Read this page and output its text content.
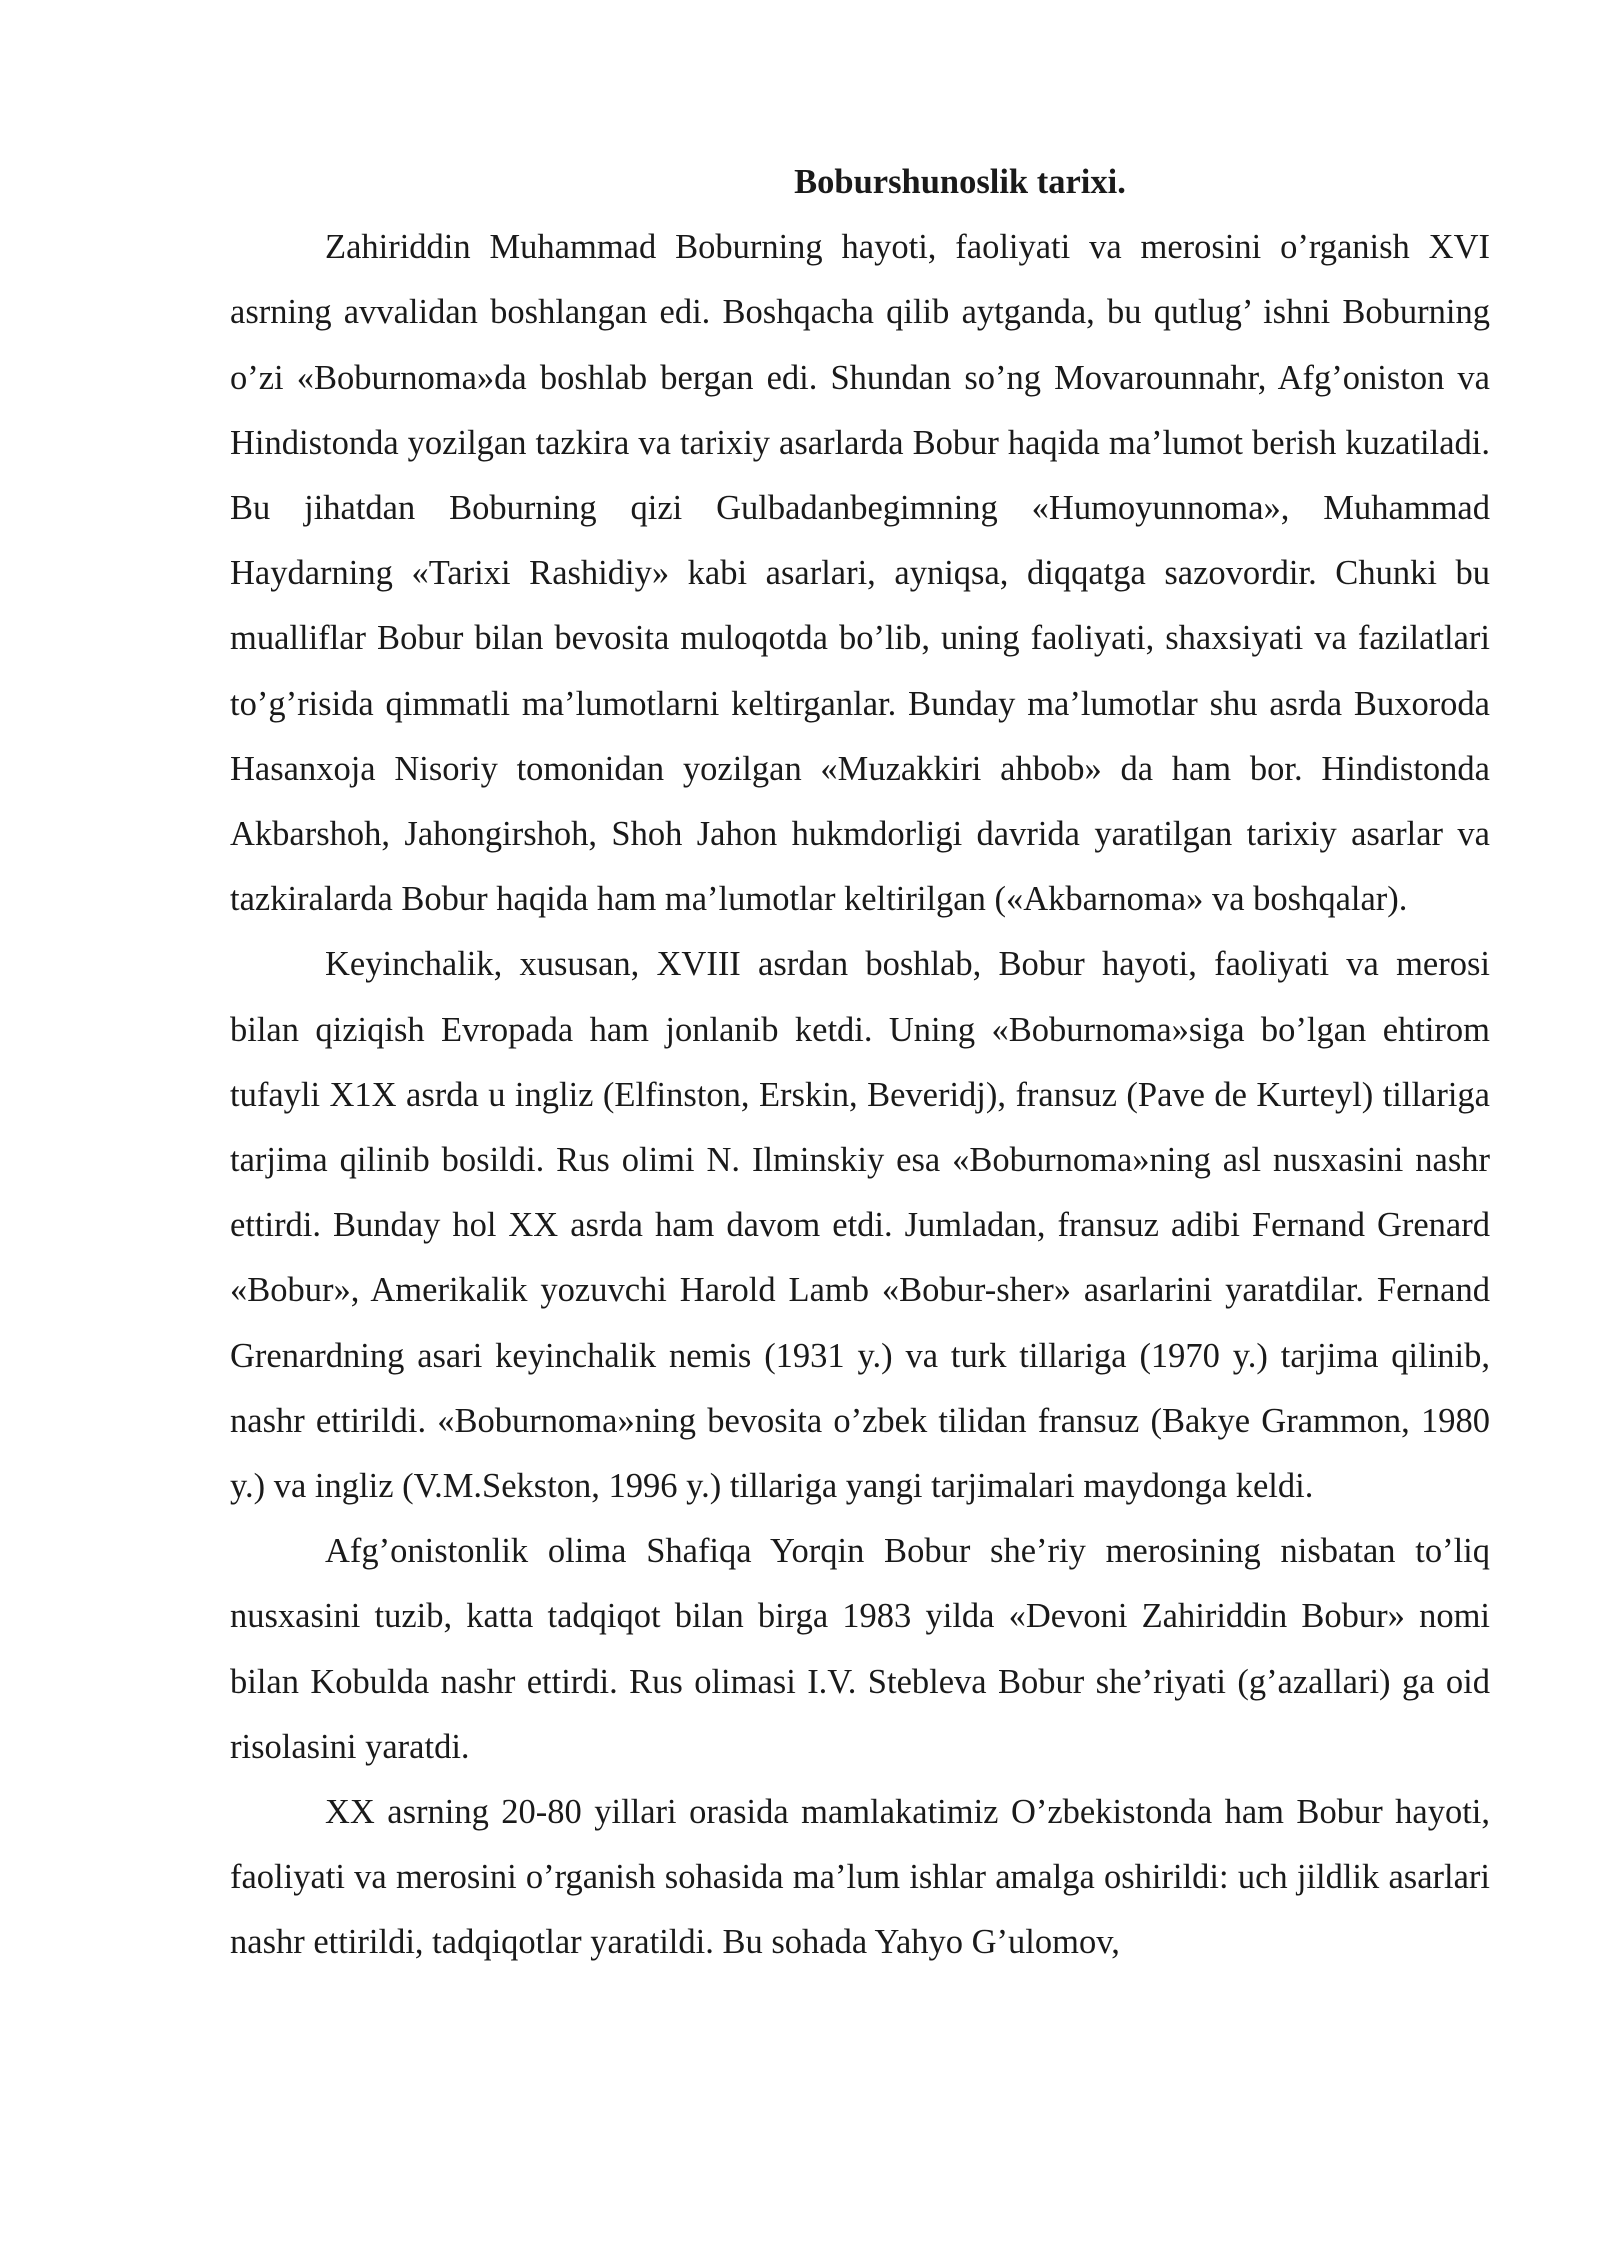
Boburshunoslik tarixi.

Zahiriddin Muhammad Boburning hayoti, faoliyati va merosini o’rganish XVI asrning avvalidan boshlangan edi. Boshqacha qilib aytganda, bu qutlug’ ishni Boburning o’zi «Boburnoma»da boshlab bergan edi. Shundan so’ng Movarounnahr, Afg’oniston va Hindistonda yozilgan tazkira va tarixiy asarlarda Bobur haqida ma’lumot berish kuzatiladi. Bu jihatdan Boburning qizi Gulbadanbegimning «Humoyunnoma», Muhammad Haydarning «Tarixi Rashidiy» kabi asarlari, ayniqsa, diqqatga sazovordir. Chunki bu mualliflar Bobur bilan bevosita muloqotda bo’lib, uning faoliyati, shaxsiyati va fazilatlari to’g’risida qimmatli ma’lumotlarni keltirganlar. Bunday ma’lumotlar shu asrda Buxoroda Hasanxoja Nisoriy tomonidan yozilgan «Muzakkiri ahbob» da ham bor. Hindistonda Akbarshoh, Jahongirshoh, Shoh Jahon hukmdorligi davrida yaratilgan tarixiy asarlar va tazkiralarda Bobur haqida ham ma’lumotlar keltirilgan («Akbarnoma» va boshqalar).

Keyinchalik, xususan, XVIII asrdan boshlab, Bobur hayoti, faoliyati va merosi bilan qiziqish Evropada ham jonlanib ketdi. Uning «Boburnoma»siga bo’lgan ehtirom tufayli X1X asrda u ingliz (Elfinston, Erskin, Beveridj), fransuz (Pave de Kurteyl) tillariga tarjima qilinib bosildi. Rus olimi N. Ilminskiy esa «Boburnoma»ning asl nusxasini nashr ettirdi. Bunday hol XX asrda ham davom etdi. Jumladan, fransuz adibi Fernand Grenard «Bobur», Amerikalik yozuvchi Harold Lamb «Bobur-sher» asarlarini yaratdilar. Fernand Grenardning asari keyinchalik nemis (1931 y.) va turk tillariga (1970 y.) tarjima qilinib, nashr ettirildi. «Boburnoma»ning bevosita o’zbek tilidan fransuz (Bakye Grammon, 1980 y.) va ingliz (V.M.Sekston, 1996 y.) tillariga yangi tarjimalari maydonga keldi.

Afg’onistonlik olima Shafiqa Yorqin Bobur she’riy merosining nisbatan to’liq nusxasini tuzib, katta tadqiqot bilan birga 1983 yilda «Devoni Zahiriddin Bobur» nomi bilan Kobulda nashr ettirdi. Rus olimasi I.V. Stebleva Bobur she’riyati (g’azallari) ga oid risolasini yaratdi.

XX asrning 20-80 yillari orasida mamlakatimiz O’zbekistonda ham Bobur hayoti, faoliyati va merosini o’rganish sohasida ma’lum ishlar amalga oshirildi: uch jildlik asarlari nashr ettirildi, tadqiqotlar yaratildi. Bu sohada Yahyo G’ulomov,
